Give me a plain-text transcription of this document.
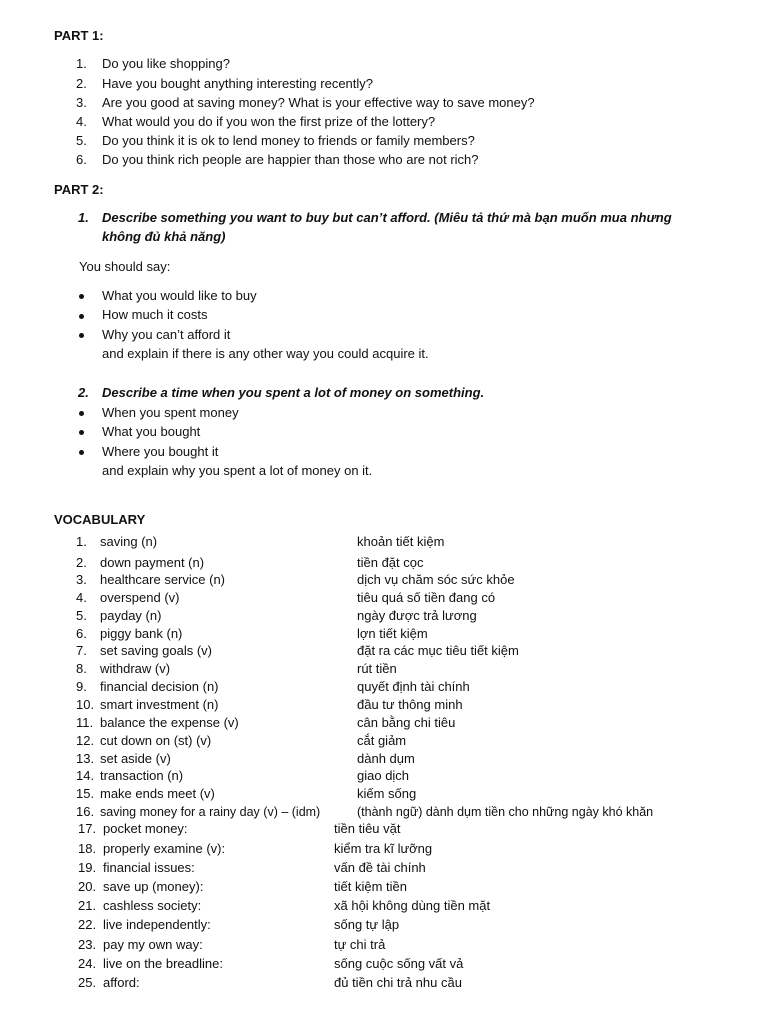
PART 1:
1. Do you like shopping?
2. Have you bought anything interesting recently?
3. Are you good at saving money? What is your effective way to save money?
4. What would you do if you won the first prize of the lottery?
5. Do you think it is ok to lend money to friends or family members?
6. Do you think rich people are happier than those who are not rich?
PART 2:
1. Describe something you want to buy but can’t afford. (Miêu tả thứ mà bạn muốn mua nhưng
không đủ khả năng)
You should say:
What you would like to buy
How much it costs
Why you can’t afford it
and explain if there is any other way you could acquire it.
2. Describe a time when you spent a lot of money on something.
When you spent money
What you bought
Where you bought it
and explain why you spent a lot of money on it.
VOCABULARY
1. saving (n)	khoản tiết kiệm
2. down payment (n)	tiền đặt cọc
3. healthcare service (n)	dịch vụ chăm sóc sức khỏe
4. overspend (v)	tiêu quá số tiền đang có
5. payday (n)	ngày được trả lương
6. piggy bank (n)	lợn tiết kiệm
7. set saving goals (v)	đặt ra các mục tiêu tiết kiệm
8. withdraw (v)	rút tiền
9. financial decision (n)	quyết định tài chính
10. smart investment (n)	đầu tư thông minh
11. balance the expense (v)	cân bằng chi tiêu
12. cut down on (st) (v)	cắt giảm
13. set aside (v)	dành dụm
14. transaction (n)	giao dịch
15. make ends meet (v)	kiếm sống
16. saving money for a rainy day (v) – (idm)	(thành ngữ) dành dụm tiền cho những ngày khó khăn
17. pocket money:	tiền tiêu vặt
18. properly examine (v):	kiểm tra kĩ lưỡng
19. financial issues:	vấn đề tài chính
20. save up (money):	tiết kiệm tiền
21. cashless society:	xã hội không dùng tiền mặt
22. live independently:	sống tự lập
23. pay my own way:	tự chi trả
24. live on the breadline:	sống cuộc sống vất vả
25. afford:	đủ tiền chi trả nhu cầu
